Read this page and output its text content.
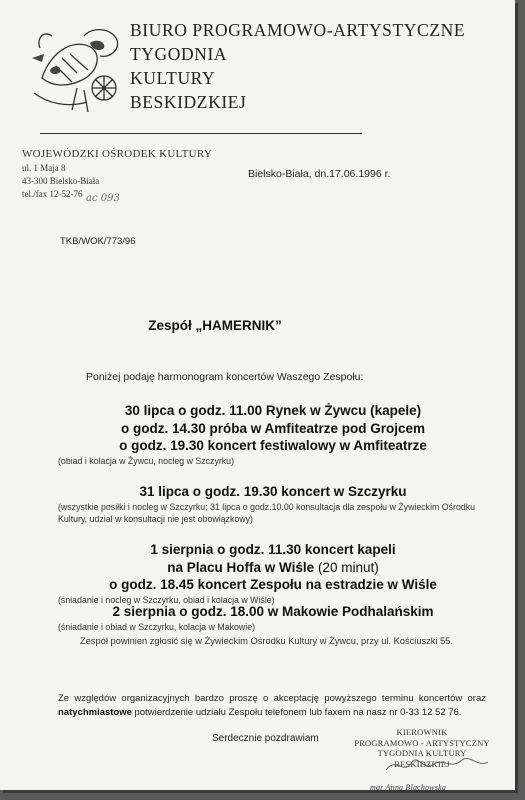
BIURO PROGRAMOWO-ARTYSTYCZNE
TYGODNIA
KULTURY
BESKIDZKIEJ
WOJEWÓDZKI OŚRODEK KULTURY
ul. 1 Maja 8
43-300 Bielsko-Biała
tel./fax 12-52-76 ac 093
Bielsko-Biała, dn.17.06.1996 r.
TKB/WOK/773/96
Zespół „HAMERNIK”
Poniżej podaję harmonogram koncertów Waszego Zespołu:
30 lipca o godz. 11.00 Rynek w Żywcu (kapele)
o godz. 14.30 próba w Amfiteatrze pod Grojcem
o godz. 19.30 koncert festiwalowy w Amfiteatrze
(obiad i kolacja w Żywcu, nocleg w Szczyrku)
31 lipca o godz. 19.30 koncert w Szczyrku
(wszystkie posiłki i nocleg w Szczyrku; 31 lipca o godz.10.00 konsultacja dla zespołu w Żywieckim Ośrodku Kultury, udział w konsultacji nie jest obowiązkowy)
1 sierpnia o godz. 11.30 koncert kapeli
na Placu Hoffa w Wiśle (20 minut)
o godz. 18.45 koncert Zespołu na estradzie w Wiśle
(śniadanie i nocleg w Szczyrku, obiad i kolacja w Wiśle)
2 sierpnia o godz. 18.00 w Makowie Podhalańskim
(śniadanie i obiad w Szczyrku, kolacja w Makowie)
Zespół powinien zgłosić się w Żywieckim Ośrodku Kultury w Żywcu, przy ul. Kościuszki 55.
Ze względów organizacyjnych bardzo proszę o akceptację powyższego terminu koncertów oraz natychmiastowe potwierdzenie udziału Zespołu telefonem lub faxem na nasz nr 0-33 12 52 76.
Serdecznie pozdrawiam
KIEROWNIK
PROGRAMOWO - ARTYSTYCZNY
TYGODNIA KULTURY BESKIDZKIEJ
mgr Anna Blachowska
